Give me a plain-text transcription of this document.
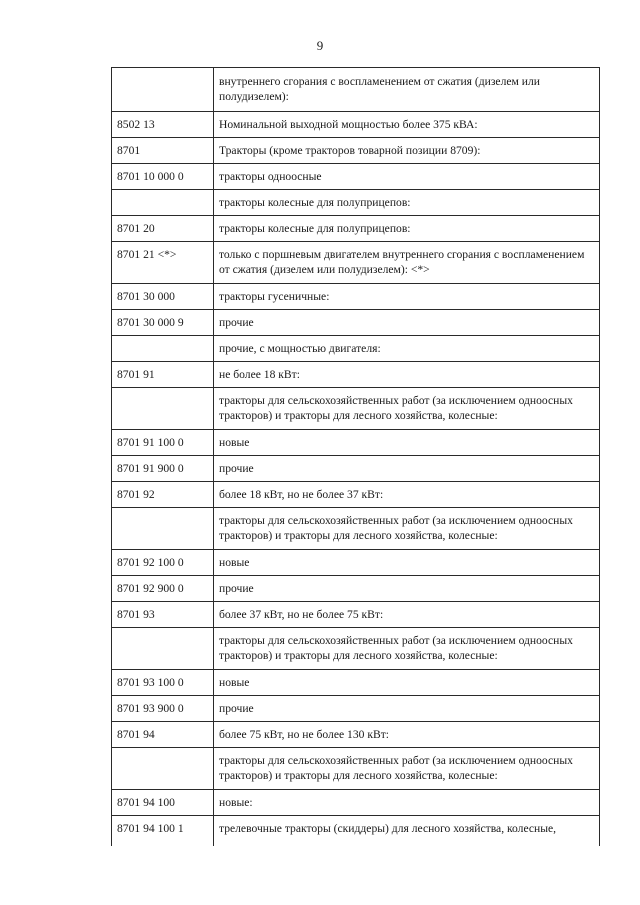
9
	внутреннего сгорания с воспламенением от сжатия (дизелем или полудизелем):
8502 13	Номинальной выходной мощностью более 375 кВА:
8701	Тракторы (кроме тракторов товарной позиции 8709):
8701 10 000 0	тракторы одноосные
	тракторы колесные для полуприцепов:
8701 20	тракторы колесные для полуприцепов:
8701 21 <*>	только с поршневым двигателем внутреннего сгорания с воспламенением от сжатия (дизелем или полудизелем): <*>
8701 30 000	тракторы гусеничные:
8701 30 000 9	прочие
	прочие, с мощностью двигателя:
8701 91	не более 18 кВт:
	тракторы для сельскохозяйственных работ (за исключением одноосных тракторов) и тракторы для лесного хозяйства, колесные:
8701 91 100 0	новые
8701 91 900 0	прочие
8701 92	более 18 кВт, но не более 37 кВт:
	тракторы для сельскохозяйственных работ (за исключением одноосных тракторов) и тракторы для лесного хозяйства, колесные:
8701 92 100 0	новые
8701 92 900 0	прочие
8701 93	более 37 кВт, но не более 75 кВт:
	тракторы для сельскохозяйственных работ (за исключением одноосных тракторов) и тракторы для лесного хозяйства, колесные:
8701 93 100 0	новые
8701 93 900 0	прочие
8701 94	более 75 кВт, но не более 130 кВт:
	тракторы для сельскохозяйственных работ (за исключением одноосных тракторов) и тракторы для лесного хозяйства, колесные:
8701 94 100	новые:
8701 94 100 1	трелевочные тракторы (скиддеры) для лесного хозяйства, колесные,
